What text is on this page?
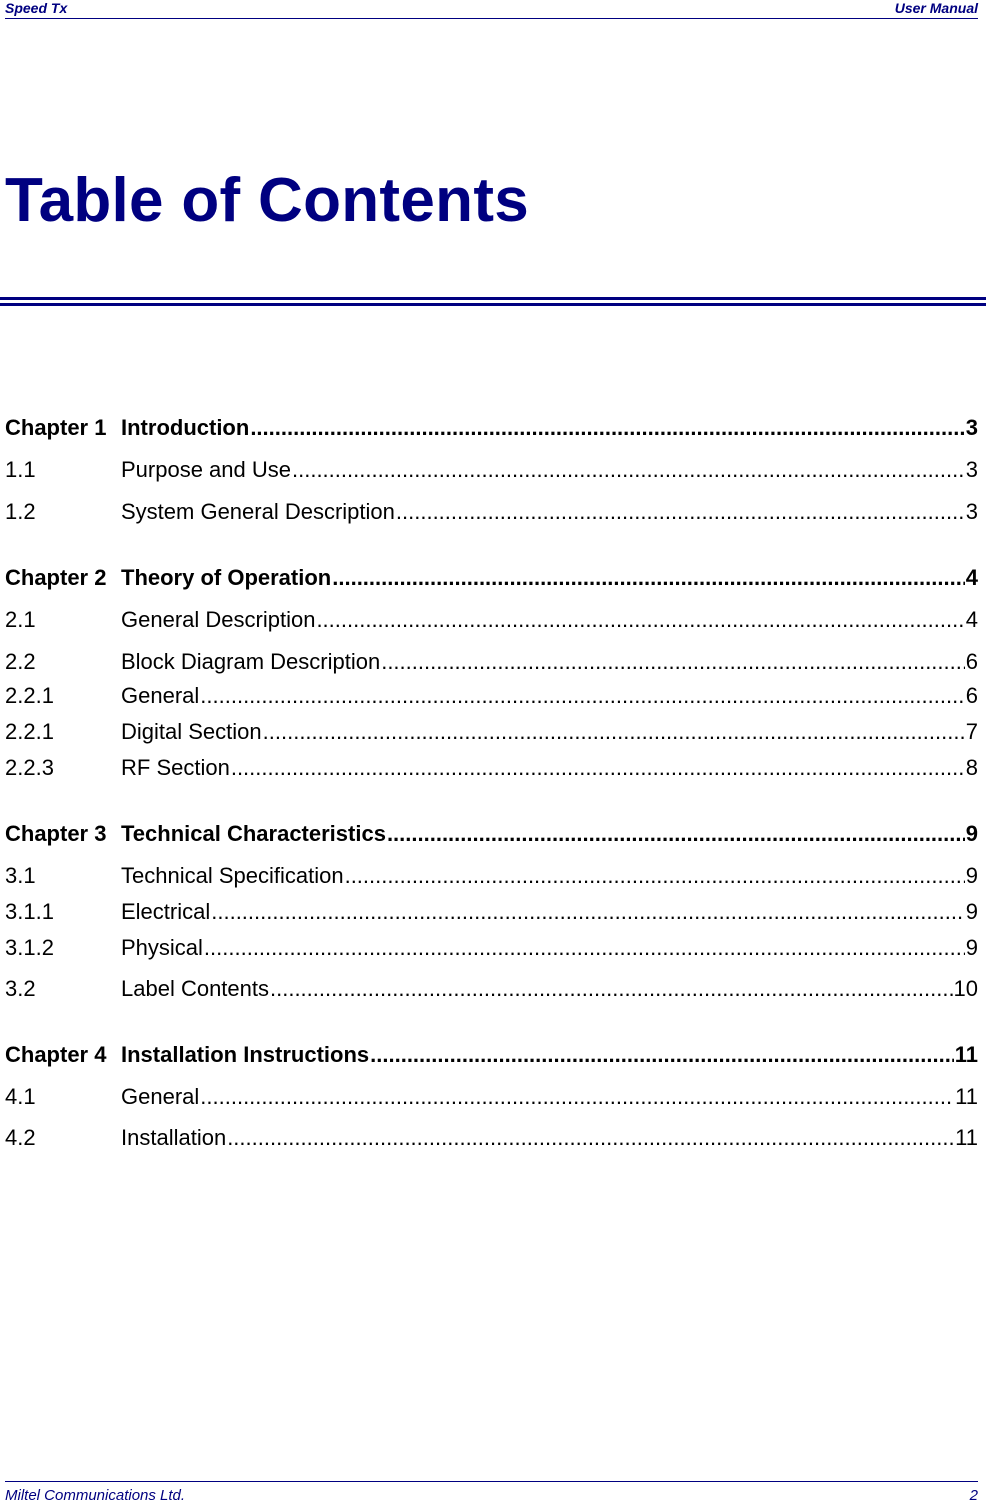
Speed Tx	User Manual
Table of Contents
Chapter 1 Introduction .....	3
1.1	Purpose and Use .....	3
1.2	System General Description .....	3
Chapter 2 Theory of Operation .....	4
2.1	General Description .....	4
2.2	Block Diagram Description .....	6
2.2.1	General .....	6
2.2.1	Digital Section .....	7
2.2.3	RF Section .....	8
Chapter 3 Technical Characteristics .....	9
3.1	Technical Specification .....	9
3.1.1	Electrical .....	9
3.1.2	Physical .....	9
3.2	Label Contents .....	10
Chapter 4 Installation Instructions .....	11
4.1	General .....	11
4.2	Installation .....	11
Miltel Communications Ltd.	2
